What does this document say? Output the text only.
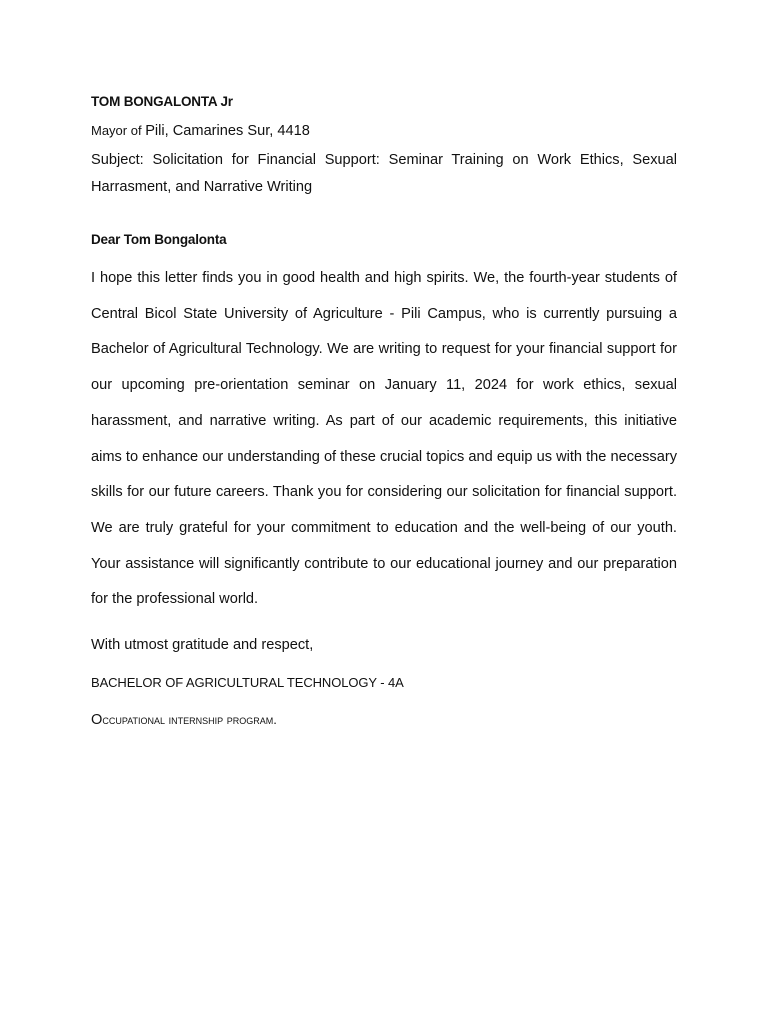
TOM BONGALONTA Jr

Mayor of Pili, Camarines Sur, 4418

Subject: Solicitation for Financial Support: Seminar Training on Work Ethics, Sexual Harrasment, and Narrative Writing

Dear Tom Bongalonta

I hope this letter finds you in good health and high spirits. We, the fourth-year students of Central Bicol State University of Agriculture - Pili Campus, who is currently pursuing a Bachelor of Agricultural Technology. We are writing to request for your financial support for our upcoming pre-orientation seminar on January 11, 2024 for work ethics, sexual harassment, and narrative writing. As part of our academic requirements, this initiative aims to enhance our understanding of these crucial topics and equip us with the necessary skills for our future careers. Thank you for considering our solicitation for financial support. We are truly grateful for your commitment to education and the well-being of our youth. Your assistance will significantly contribute to our educational journey and our preparation for the professional world.

With utmost gratitude and respect,

BACHELOR OF AGRICULTURAL TECHNOLOGY - 4A

Occupational internship program.
